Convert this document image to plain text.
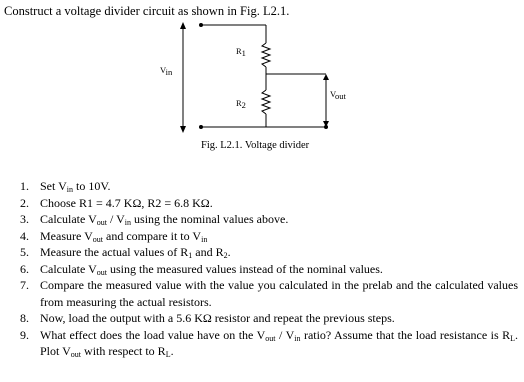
Construct a voltage divider circuit as shown in Fig. L2.1.
Vin
R1
R2
Vout
Fig. L2.1. Voltage divider
1. Set $V_{in}$ to 10V.
2. Choose R1 = 4.7 KΩ, R2 = 6.8 KΩ.
3. Calculate $V_{out} / V_{in}$ using the nominal values above.
4. Measure $V_{out}$ and compare it to $V_{in}$
5. Measure the actual values of $R_1$ and $R_2$.
6. Calculate $V_{out}$ using the measured values instead of the nominal values.
7. Compare the measured value with the value you calculated in the prelab and the calculated values from measuring the actual resistors.
8. Now, load the output with a 5.6 KΩ resistor and repeat the previous steps.
9. What effect does the load value have on the $V_{out} / V_{in}$ ratio? Assume that the load resistance is $R_L$. Plot $V_{out}$ with respect to $R_L$.
